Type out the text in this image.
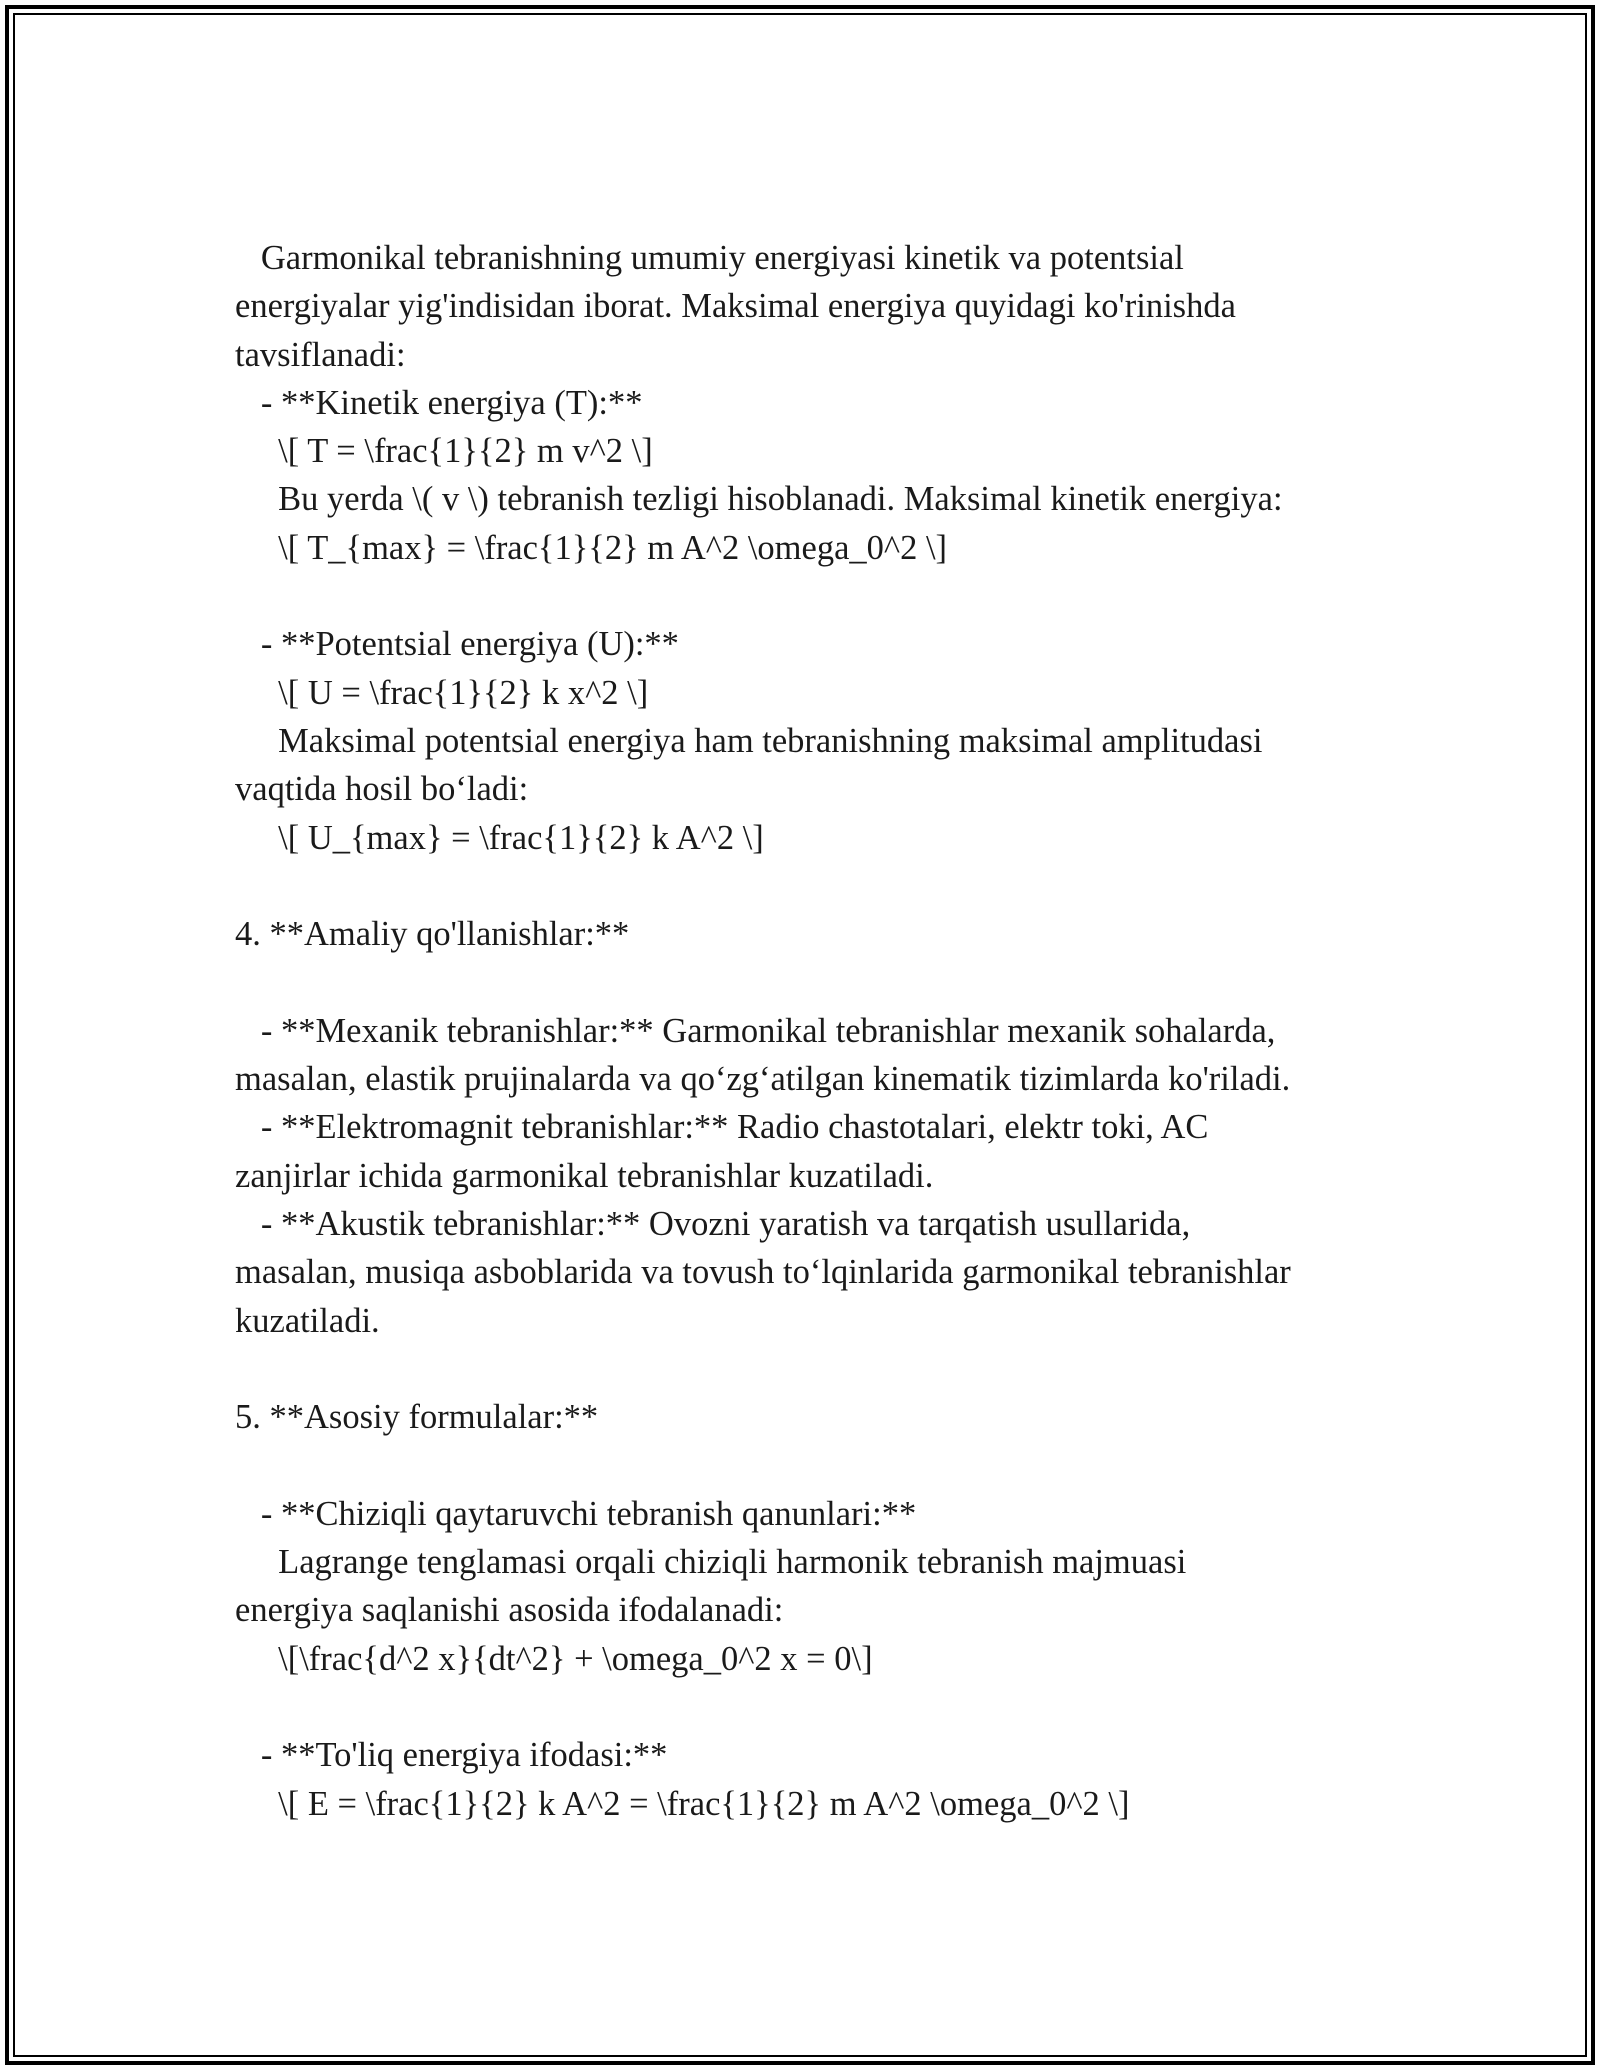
Garmonikal tebranishning umumiy energiyasi kinetik va potentsial
energiyalar yig'indisidan iborat. Maksimal energiya quyidagi ko'rinishda
tavsiflanadi:
- **Kinetik energiya (T):**
\[ T = \frac{1}{2} m v^2 \]
Bu yerda \( v \) tebranish tezligi hisoblanadi. Maksimal kinetik energiya:
\[ T_{max} = \frac{1}{2} m A^2 \omega_0^2 \]
- **Potentsial energiya (U):**
\[ U = \frac{1}{2} k x^2 \]
Maksimal potentsial energiya ham tebranishning maksimal amplitudasi
vaqtida hosil bo‘ladi:
\[ U_{max} = \frac{1}{2} k A^2 \]
4. **Amaliy qo'llanishlar:**
- **Mexanik tebranishlar:** Garmonikal tebranishlar mexanik sohalarda,
masalan, elastik prujinalarda va qo‘zg‘atilgan kinematik tizimlarda ko'riladi.
- **Elektromagnit tebranishlar:** Radio chastotalari, elektr toki, AC
zanjirlar ichida garmonikal tebranishlar kuzatiladi.
- **Akustik tebranishlar:** Ovozni yaratish va tarqatish usullarida,
masalan, musiqa asboblarida va tovush to‘lqinlarida garmonikal tebranishlar
kuzatiladi.
5. **Asosiy formulalar:**
- **Chiziqli qaytaruvchi tebranish qanunlari:**
Lagrange tenglamasi orqali chiziqli harmonik tebranish majmuasi
energiya saqlanishi asosida ifodalanadi:
\[\frac{d^2 x}{dt^2} + \omega_0^2 x = 0\]
- **To'liq energiya ifodasi:**
\[ E = \frac{1}{2} k A^2 = \frac{1}{2} m A^2 \omega_0^2 \]
